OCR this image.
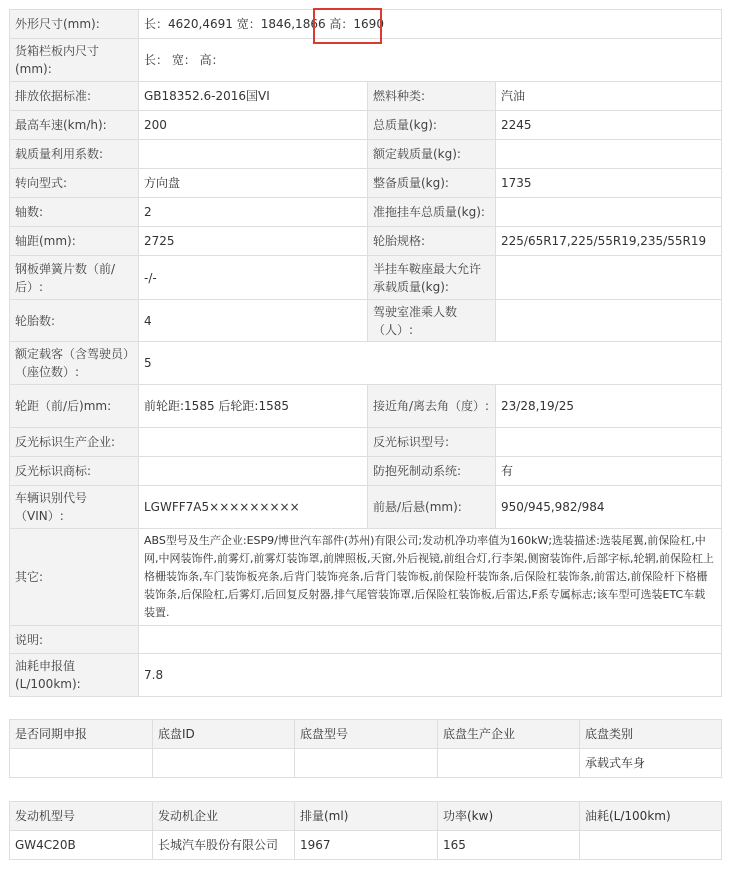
外形尺寸(mm):	长：4620,4691 宽：1846,1866 高：1690		
货箱栏板内尺寸(mm):	长： 宽： 高：		
排放依据标准:	GB18352.6-2016国VI	燃料种类:	汽油
最高车速(km/h):	200	总质量(kg):	2245
载质量利用系数:		额定载质量(kg):	
转向型式:	方向盘	整备质量(kg):	1735
轴数:	2	准拖挂车总质量(kg):	
轴距(mm):	2725	轮胎规格:	225/65R17,225/55R19,235/55R19
钢板弹簧片数（前/后）:	-/-	半挂车鞍座最大允许承载质量(kg):	
轮胎数:	4	驾驶室准乘人数（人）:	
额定载客（含驾驶员）（座位数）:	5		
轮距（前/后)mm:	前轮距:1585 后轮距:1585	接近角/离去角（度）:	23/28,19/25
反光标识生产企业:		反光标识型号:	
反光标识商标:		防抱死制动系统:	有
车辆识别代号（VIN）:	LGWFF7A5×××××××××	前悬/后悬(mm):	950/945,982/984
其它:	ABS型号及生产企业:ESP9/博世汽车部件(苏州)有限公司;发动机净功率值为160kW;选装描述:选装尾翼,前保险杠,中网,中网装饰件,前雾灯,前雾灯装饰罩,前牌照板,天窗,外后视镜,前组合灯,行李架,侧窗装饰件,后部字标,轮辋,前保险杠上格栅装饰条,车门装饰板亮条,后背门装饰亮条,后背门装饰板,前保险杆装饰条,后保险杠装饰条,前雷达,前保险杆下格栅装饰条,后保险杠,后雾灯,后回复反射器,排气尾管装饰罩,后保险杠装饰板,后雷达,F系专属标志;该车型可选装ETC车载装置.		
说明:			
油耗申报值(L/100km):	7.8		
是否同期申报	底盘ID	底盘型号	底盘生产企业	底盘类别
				承载式车身
发动机型号	发动机企业	排量(ml)	功率(kw)	油耗(L/100km)
GW4C20B	长城汽车股份有限公司	1967	165	
